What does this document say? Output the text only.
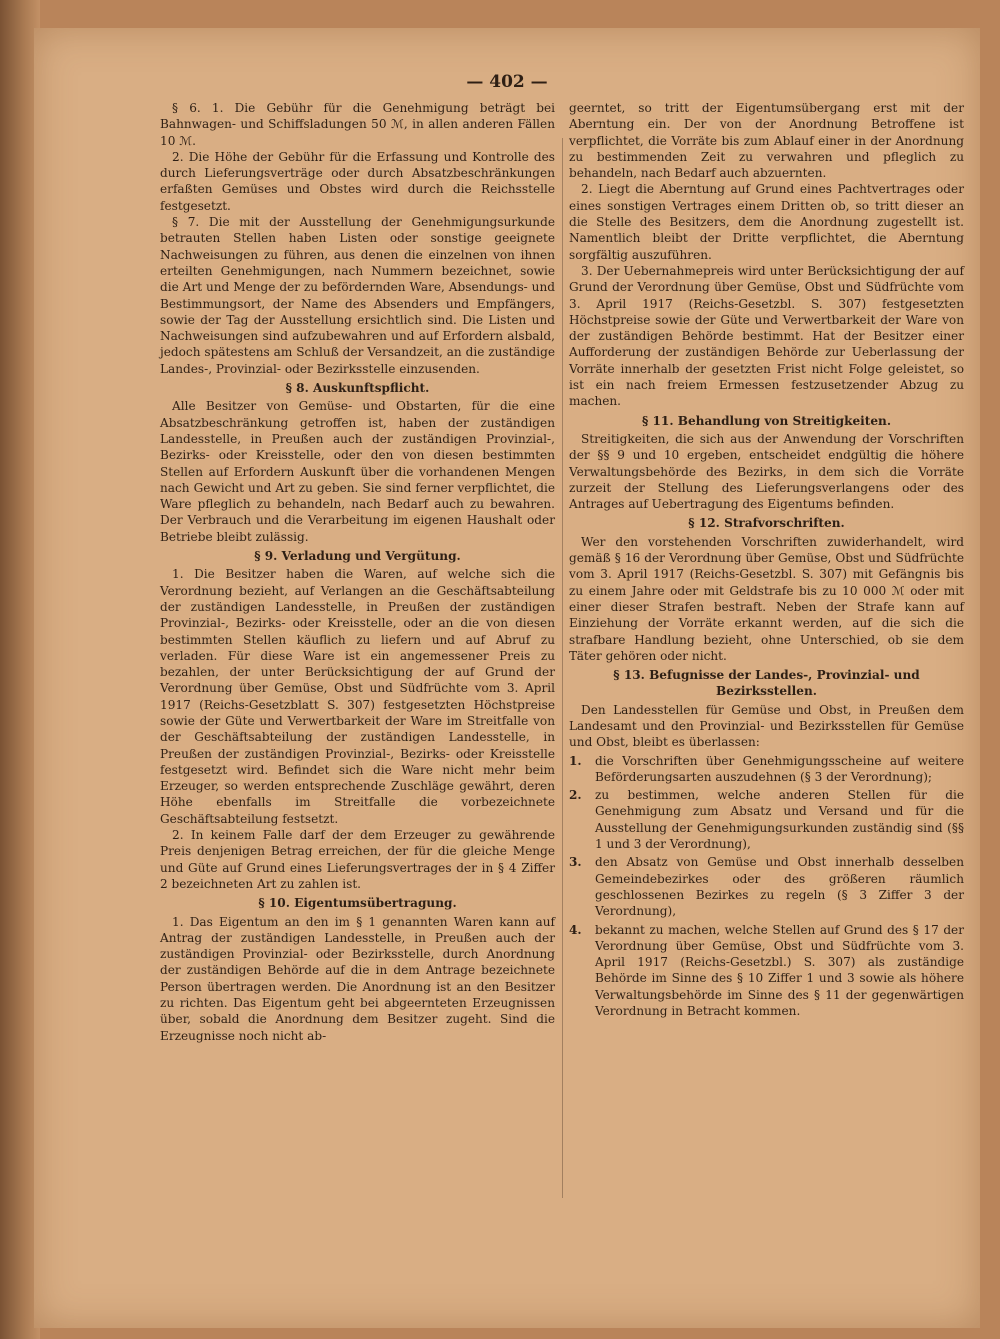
— 402 —

§ 6. 1. Die Gebühr für die Genehmigung beträgt bei Bahnwagen- und Schiffsladungen 50 ℳ, in allen anderen Fällen 10 ℳ.

2. Die Höhe der Gebühr für die Erfassung und Kontrolle des durch Lieferungsverträge oder durch Absatzbeschränkungen erfaßten Gemüses und Obstes wird durch die Reichsstelle festgesetzt.

§ 7. Die mit der Ausstellung der Genehmigungsurkunde betrauten Stellen haben Listen oder sonstige geeignete Nachweisungen zu führen, aus denen die einzelnen von ihnen erteilten Genehmigungen, nach Nummern bezeichnet, sowie die Art und Menge der zu befördernden Ware, Absendungs- und Bestimmungsort, der Name des Absenders und Empfängers, sowie der Tag der Ausstellung ersichtlich sind. Die Listen und Nachweisungen sind aufzubewahren und auf Erfordern alsbald, jedoch spätestens am Schluß der Versandzeit, an die zuständige Landes-, Provinzial- oder Bezirksstelle einzusenden.

§ 8. Auskunftspflicht.

Alle Besitzer von Gemüse- und Obstarten, für die eine Absatzbeschränkung getroffen ist, haben der zuständigen Landesstelle, in Preußen auch der zuständigen Provinzial-, Bezirks- oder Kreisstelle, oder den von diesen bestimmten Stellen auf Erfordern Auskunft über die vorhandenen Mengen nach Gewicht und Art zu geben. Sie sind ferner verpflichtet, die Ware pfleglich zu behandeln, nach Bedarf auch zu bewahren. Der Verbrauch und die Verarbeitung im eigenen Haushalt oder Betriebe bleibt zulässig.

§ 9. Verladung und Vergütung.

1. Die Besitzer haben die Waren, auf welche sich die Verordnung bezieht, auf Verlangen an die Geschäftsabteilung der zuständigen Landesstelle, in Preußen der zuständigen Provinzial-, Bezirks- oder Kreisstelle, oder an die von diesen bestimmten Stellen käuflich zu liefern und auf Abruf zu verladen. Für diese Ware ist ein angemessener Preis zu bezahlen, der unter Berücksichtigung der auf Grund der Verordnung über Gemüse, Obst und Südfrüchte vom 3. April 1917 (Reichs-Gesetzblatt S. 307) festgesetzten Höchstpreise sowie der Güte und Verwertbarkeit der Ware im Streitfalle von der Geschäftsabteilung der zuständigen Landesstelle, in Preußen der zuständigen Provinzial-, Bezirks- oder Kreisstelle festgesetzt wird. Befindet sich die Ware nicht mehr beim Erzeuger, so werden entsprechende Zuschläge gewährt, deren Höhe ebenfalls im Streitfalle die vorbezeichnete Geschäftsabteilung festsetzt.

2. In keinem Falle darf der dem Erzeuger zu gewährende Preis denjenigen Betrag erreichen, der für die gleiche Menge und Güte auf Grund eines Lieferungsvertrages der in § 4 Ziffer 2 bezeichneten Art zu zahlen ist.

§ 10. Eigentumsübertragung.

1. Das Eigentum an den im § 1 genannten Waren kann auf Antrag der zuständigen Landesstelle, in Preußen auch der zuständigen Provinzial- oder Bezirksstelle, durch Anordnung der zuständigen Behörde auf die in dem Antrage bezeichnete Person übertragen werden. Die Anordnung ist an den Besitzer zu richten. Das Eigentum geht bei abgeernteten Erzeugnissen über, sobald die Anordnung dem Besitzer zugeht. Sind die Erzeugnisse noch nicht ab-

geerntet, so tritt der Eigentumsübergang erst mit der Aberntung ein. Der von der Anordnung Betroffene ist verpflichtet, die Vorräte bis zum Ablauf einer in der Anordnung zu bestimmenden Zeit zu verwahren und pfleglich zu behandeln, nach Bedarf auch abzuernten.

2. Liegt die Aberntung auf Grund eines Pachtvertrages oder eines sonstigen Vertrages einem Dritten ob, so tritt dieser an die Stelle des Besitzers, dem die Anordnung zugestellt ist. Namentlich bleibt der Dritte verpflichtet, die Aberntung sorgfältig auszuführen.

3. Der Uebernahmepreis wird unter Berücksichtigung der auf Grund der Verordnung über Gemüse, Obst und Südfrüchte vom 3. April 1917 (Reichs-Gesetzbl. S. 307) festgesetzten Höchstpreise sowie der Güte und Verwertbarkeit der Ware von der zuständigen Behörde bestimmt. Hat der Besitzer einer Aufforderung der zuständigen Behörde zur Ueberlassung der Vorräte innerhalb der gesetzten Frist nicht Folge geleistet, so ist ein nach freiem Ermessen festzusetzender Abzug zu machen.

§ 11. Behandlung von Streitigkeiten.

Streitigkeiten, die sich aus der Anwendung der Vorschriften der §§ 9 und 10 ergeben, entscheidet endgültig die höhere Verwaltungsbehörde des Bezirks, in dem sich die Vorräte zurzeit der Stellung des Lieferungsverlangens oder des Antrages auf Uebertragung des Eigentums befinden.

§ 12. Strafvorschriften.

Wer den vorstehenden Vorschriften zuwiderhandelt, wird gemäß § 16 der Verordnung über Gemüse, Obst und Südfrüchte vom 3. April 1917 (Reichs-Gesetzbl. S. 307) mit Gefängnis bis zu einem Jahre oder mit Geldstrafe bis zu 10 000 ℳ oder mit einer dieser Strafen bestraft. Neben der Strafe kann auf Einziehung der Vorräte erkannt werden, auf die sich die strafbare Handlung bezieht, ohne Unterschied, ob sie dem Täter gehören oder nicht.

§ 13. Befugnisse der Landes-, Provinzial- und Bezirksstellen.

Den Landesstellen für Gemüse und Obst, in Preußen dem Landesamt und den Provinzial- und Bezirksstellen für Gemüse und Obst, bleibt es überlassen:

1.	die Vorschriften über Genehmigungsscheine auf weitere Beförderungsarten auszudehnen (§ 3 der Verordnung);
2.	zu bestimmen, welche anderen Stellen für die Genehmigung zum Absatz und Versand und für die Ausstellung der Genehmigungsurkunden zuständig sind (§§ 1 und 3 der Verordnung),
3.	den Absatz von Gemüse und Obst innerhalb desselben Gemeindebezirkes oder des größeren räumlich geschlossenen Bezirkes zu regeln (§ 3 Ziffer 3 der Verordnung),
4.	bekannt zu machen, welche Stellen auf Grund des § 17 der Verordnung über Gemüse, Obst und Südfrüchte vom 3. April 1917 (Reichs-Gesetzbl.) S. 307) als zuständige Behörde im Sinne des § 10 Ziffer 1 und 3 sowie als höhere Verwaltungsbehörde im Sinne des § 11 der gegenwärtigen Verordnung in Betracht kommen.
